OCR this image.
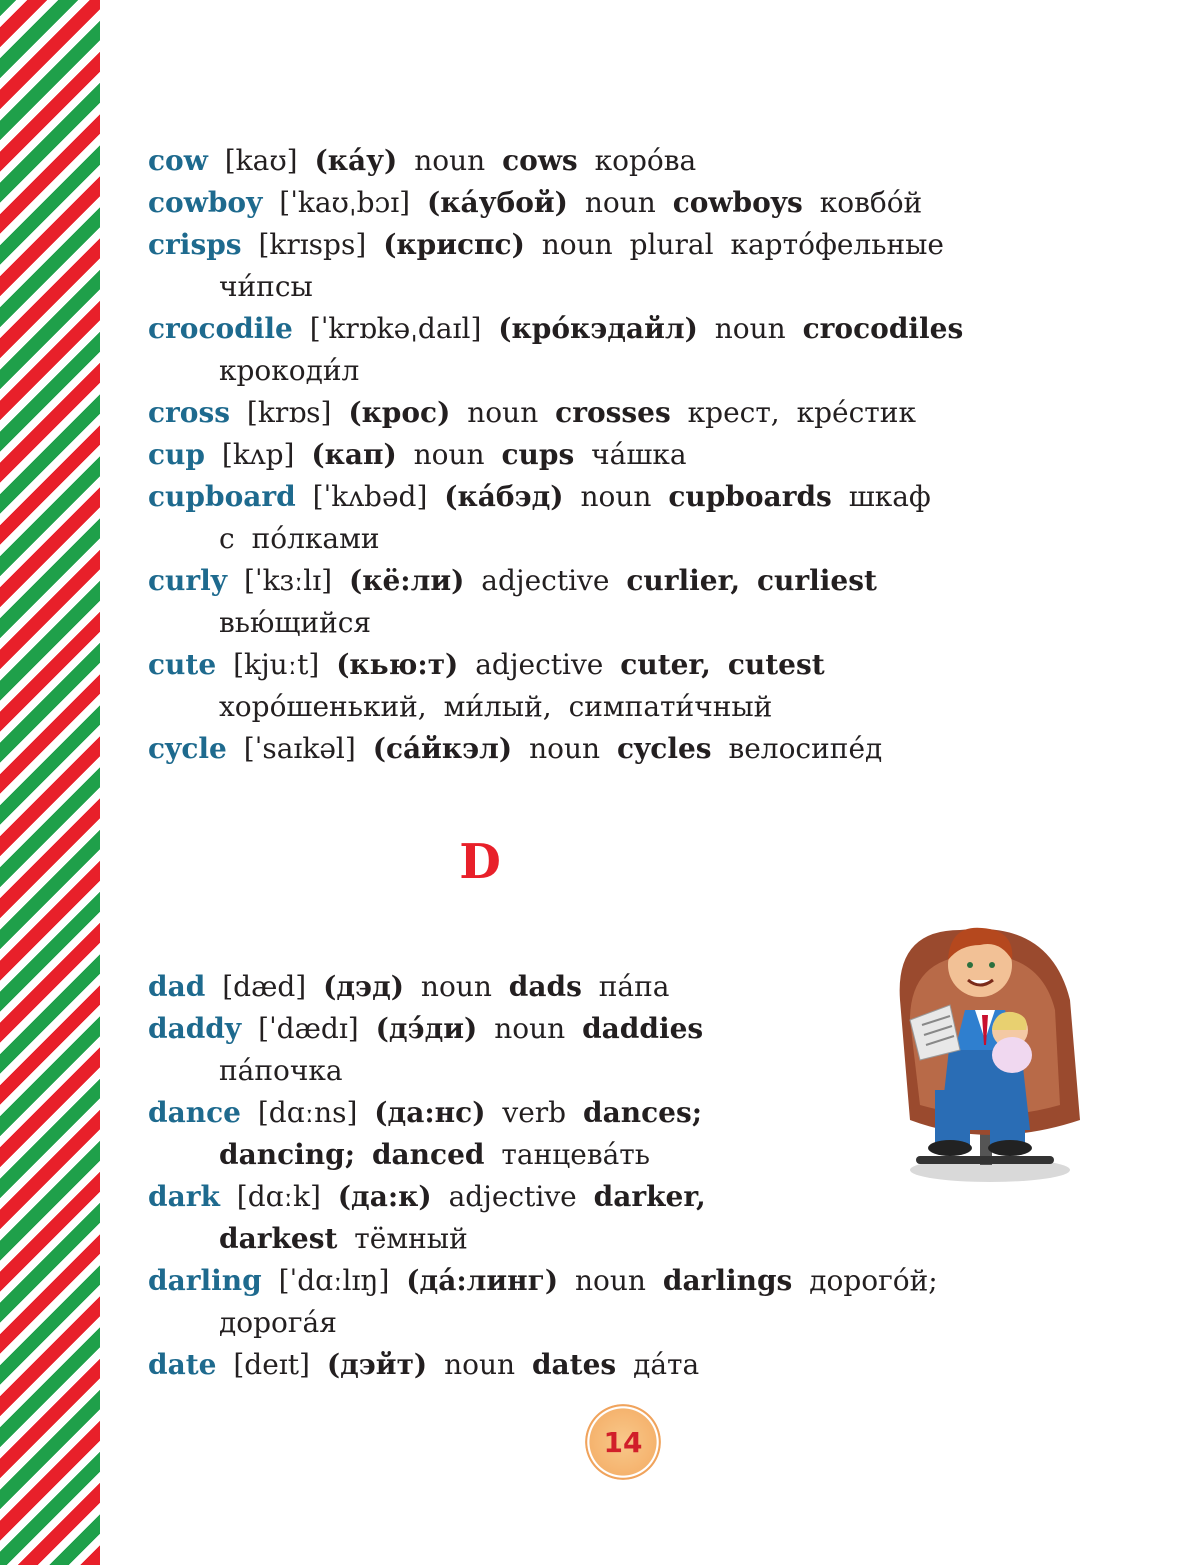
cow [kaʊ] (ка́у) noun cows коро́ва
cowboy [ˈkaʊˌbɔɪ] (ка́убой) noun cowboys ковбо́й
crisps [krɪsps] (криспс) noun plural карто́фельные
чи́псы
crocodile [ˈkrɒkəˌdaɪl] (кро́кэдайл) noun crocodiles
крокоди́л
cross [krɒs] (крос) noun crosses крест, кре́стик
cup [kʌp] (кап) noun cups ча́шка
cupboard [ˈkʌbəd] (ка́бэд) noun cupboards шкаф
с по́лками
curly [ˈkɜːlɪ] (кё:ли) adjective curlier, curliest
вью́щийся
cute [kjuːt] (кью:т) adjective cuter, cutest
хоро́шенький, ми́лый, симпати́чный
cycle [ˈsaɪkəl] (са́йкэл) noun cycles велосипе́д
D
dad [dæd] (дэд) noun dads па́па
daddy [ˈdædɪ] (дэ́ди) noun daddies
па́почка
dance [dɑːns] (да:нс) verb dances;
dancing; danced танцева́ть
dark [dɑːk] (да:к) adjective darker,
darkest тёмный
darling [ˈdɑːlɪŋ] (да́:линг) noun darlings дорого́й;
дорога́я
date [deɪt] (дэйт) noun dates да́та
14
